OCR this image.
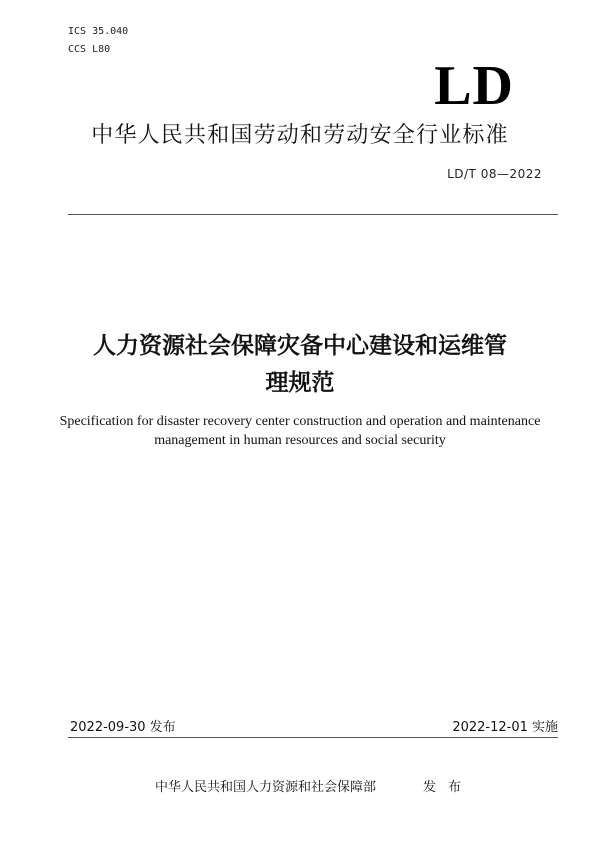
ICS 35.040
CCS L80
LD
中华人民共和国劳动和劳动安全行业标准
LD/T 08—2022
人力资源社会保障灾备中心建设和运维管
理规范
Specification for disaster recovery center construction and operation and maintenance
management in human resources and social security
2022-09-30 发布	2022-12-01 实施
中华人民共和国人力资源和社会保障部	发布
